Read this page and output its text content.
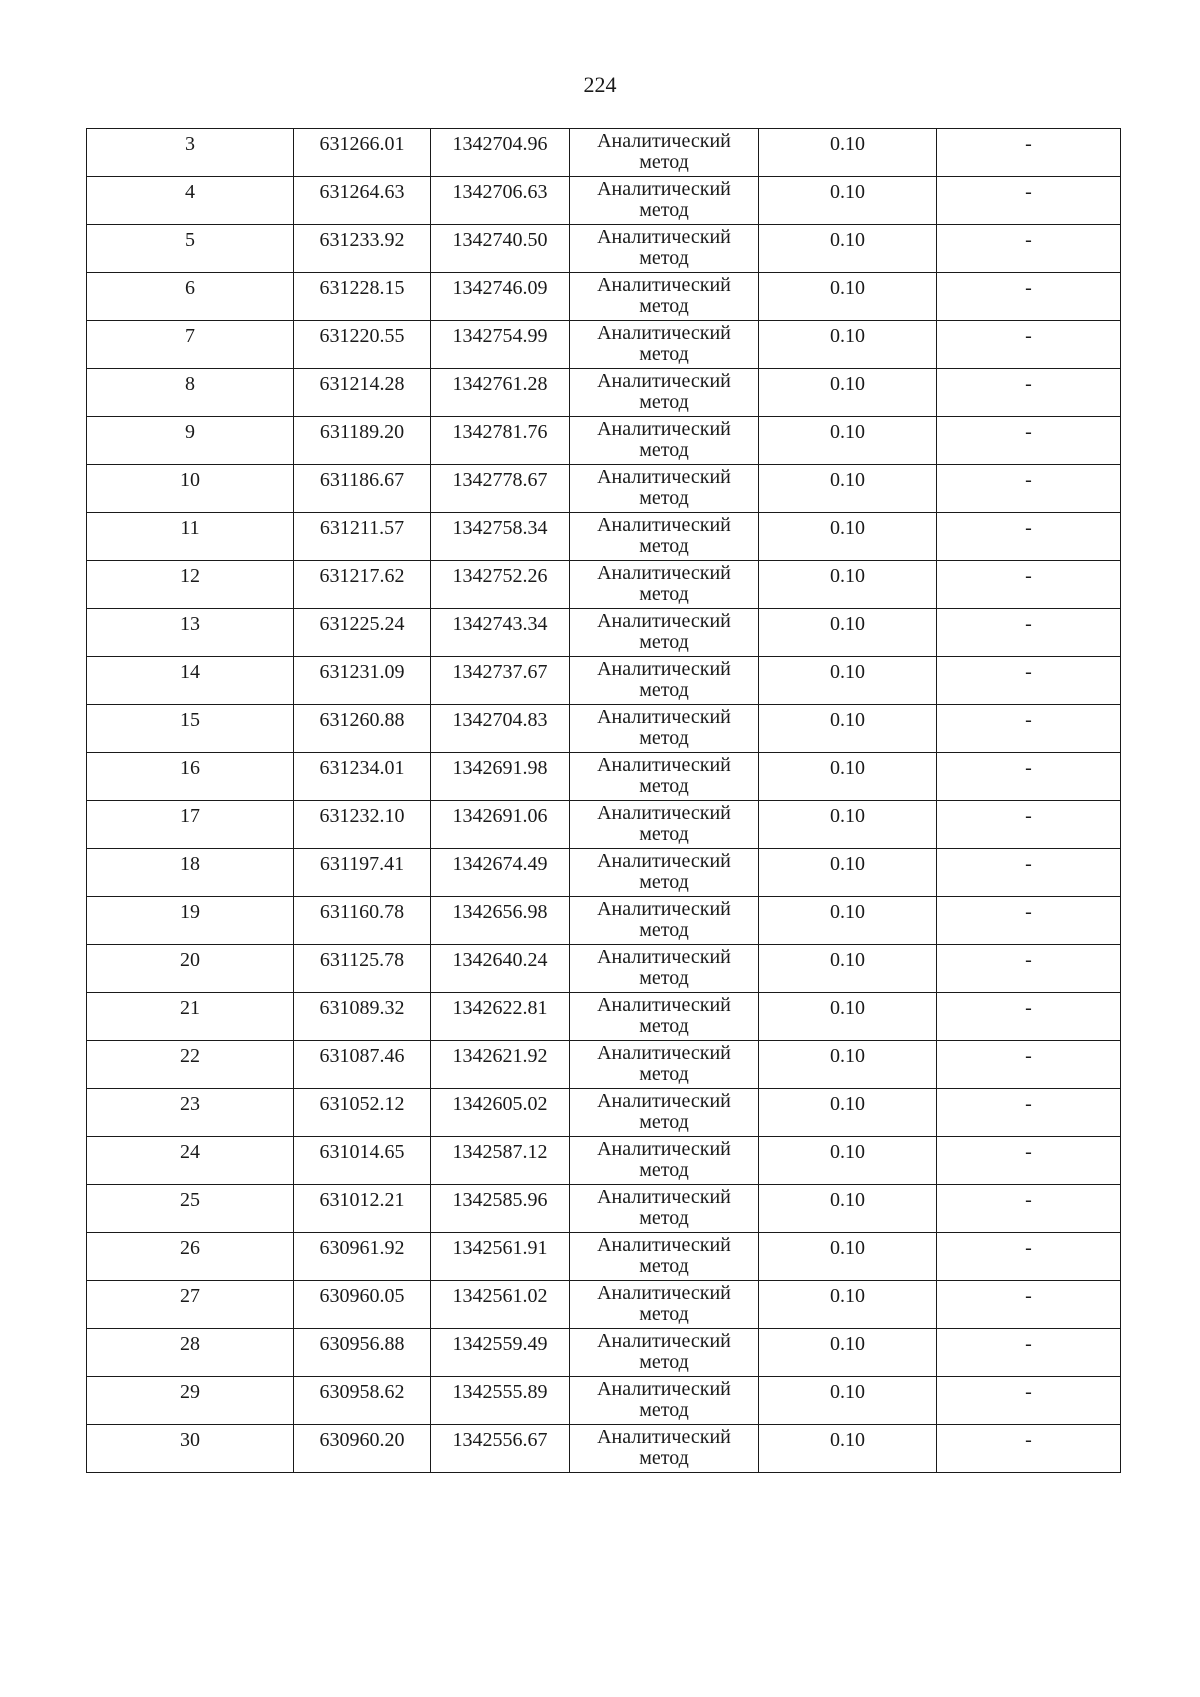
224
3	631266.01	1342704.96	Аналитический
метод	0.10	-

4	631264.63	1342706.63	Аналитический
метод	0.10	-

5	631233.92	1342740.50	Аналитический
метод	0.10	-

6	631228.15	1342746.09	Аналитический
метод	0.10	-

7	631220.55	1342754.99	Аналитический
метод	0.10	-

8	631214.28	1342761.28	Аналитический
метод	0.10	-

9	631189.20	1342781.76	Аналитический
метод	0.10	-

10	631186.67	1342778.67	Аналитический
метод	0.10	-

11	631211.57	1342758.34	Аналитический
метод	0.10	-

12	631217.62	1342752.26	Аналитический
метод	0.10	-

13	631225.24	1342743.34	Аналитический
метод	0.10	-

14	631231.09	1342737.67	Аналитический
метод	0.10	-

15	631260.88	1342704.83	Аналитический
метод	0.10	-

16	631234.01	1342691.98	Аналитический
метод	0.10	-

17	631232.10	1342691.06	Аналитический
метод	0.10	-

18	631197.41	1342674.49	Аналитический
метод	0.10	-

19	631160.78	1342656.98	Аналитический
метод	0.10	-

20	631125.78	1342640.24	Аналитический
метод	0.10	-

21	631089.32	1342622.81	Аналитический
метод	0.10	-

22	631087.46	1342621.92	Аналитический
метод	0.10	-

23	631052.12	1342605.02	Аналитический
метод	0.10	-

24	631014.65	1342587.12	Аналитический
метод	0.10	-

25	631012.21	1342585.96	Аналитический
метод	0.10	-

26	630961.92	1342561.91	Аналитический
метод	0.10	-

27	630960.05	1342561.02	Аналитический
метод	0.10	-

28	630956.88	1342559.49	Аналитический
метод	0.10	-

29	630958.62	1342555.89	Аналитический
метод	0.10	-

30	630960.20	1342556.67	Аналитический
метод	0.10	-
